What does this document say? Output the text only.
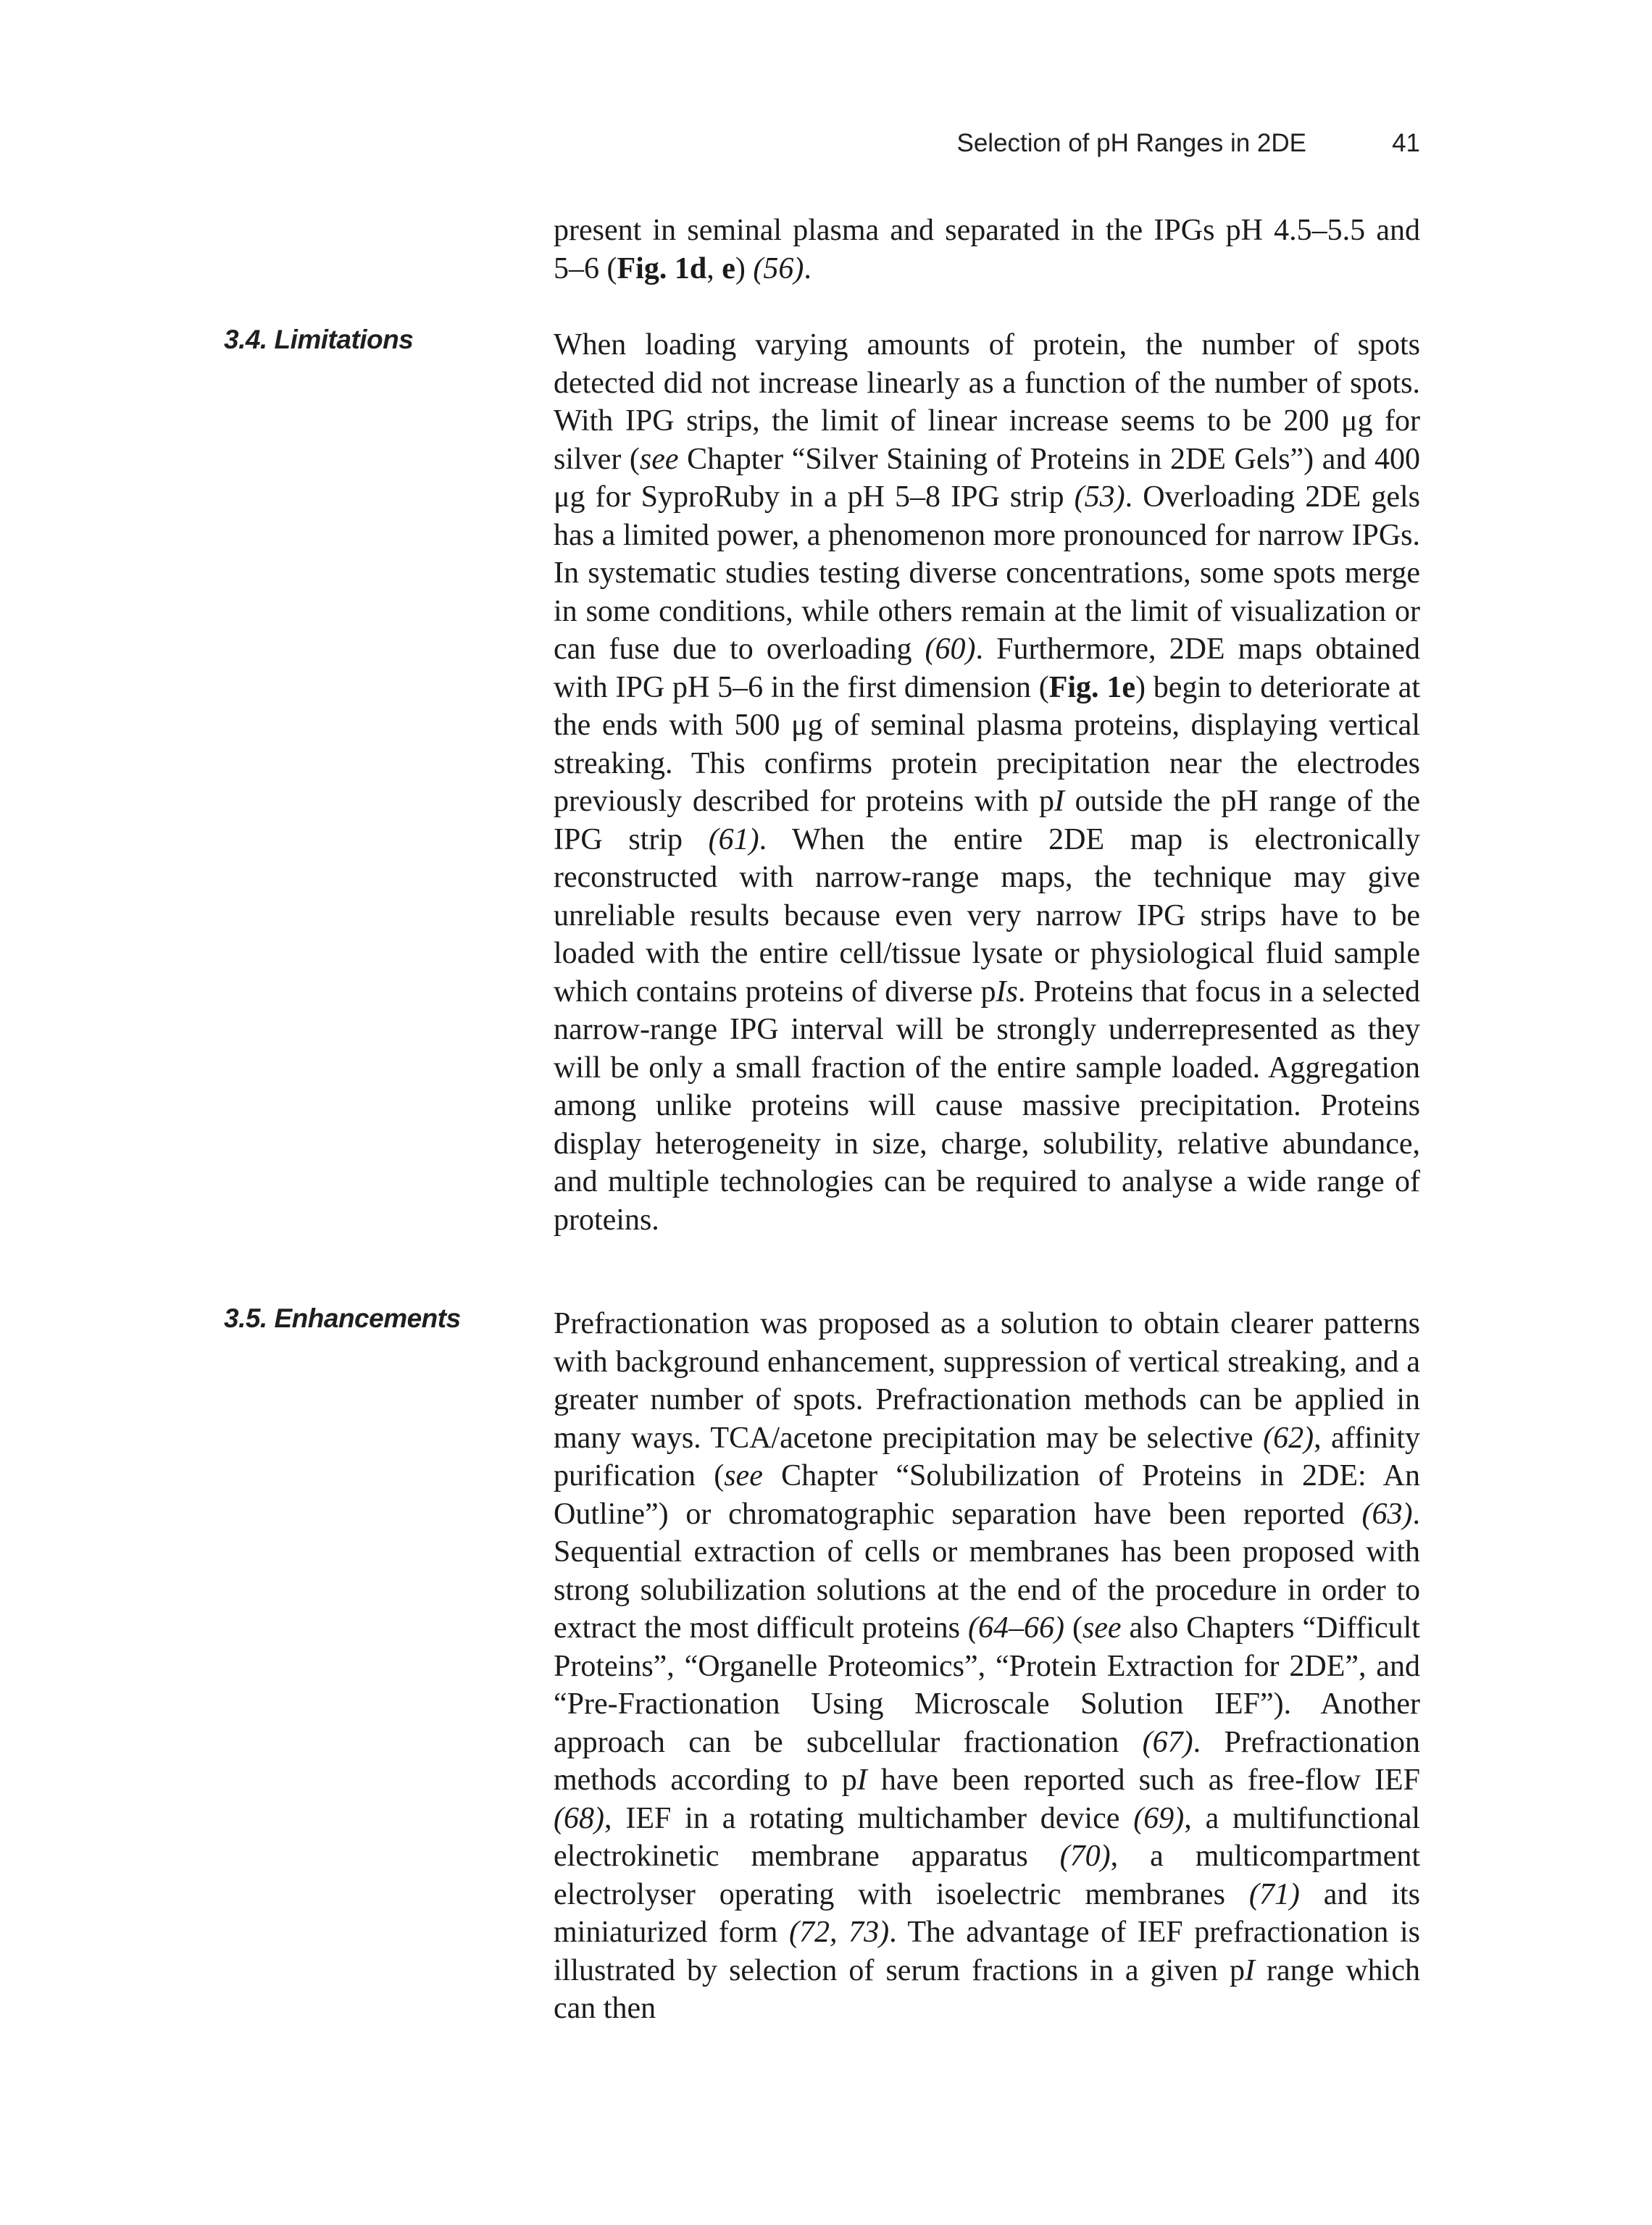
Selection of pH Ranges in 2DE	41

present in seminal plasma and separated in the IPGs pH 4.5–5.5 and 5–6 (Fig. 1d, e) (56).

3.4. Limitations	When loading varying amounts of protein, the number of spots detected did not increase linearly as a function of the number of spots. With IPG strips, the limit of linear increase seems to be 200 μg for silver (see Chapter “Silver Staining of Proteins in 2DE Gels”) and 400 μg for SyproRuby in a pH 5–8 IPG strip (53). Overloading 2DE gels has a limited power, a phenomenon more pronounced for narrow IPGs. In systematic studies testing diverse concentrations, some spots merge in some conditions, while others remain at the limit of visualization or can fuse due to overloading (60). Furthermore, 2DE maps obtained with IPG pH 5–6 in the first dimension (Fig. 1e) begin to deteriorate at the ends with 500 μg of seminal plasma proteins, displaying vertical streaking. This confirms protein precipitation near the electrodes previously described for proteins with pI outside the pH range of the IPG strip (61). When the entire 2DE map is electronically reconstructed with narrow-range maps, the technique may give unreliable results because even very narrow IPG strips have to be loaded with the entire cell/tissue lysate or physiological fluid sample which contains proteins of diverse pIs. Proteins that focus in a selected narrow-range IPG interval will be strongly underrepresented as they will be only a small fraction of the entire sample loaded. Aggregation among unlike proteins will cause massive precipitation. Proteins display heterogeneity in size, charge, solubility, relative abundance, and multiple technologies can be required to analyse a wide range of proteins.

3.5. Enhancements	Prefractionation was proposed as a solution to obtain clearer patterns with background enhancement, suppression of vertical streaking, and a greater number of spots. Prefractionation methods can be applied in many ways. TCA/acetone precipitation may be selective (62), affinity purification (see Chapter “Solubilization of Proteins in 2DE: An Outline”) or chromatographic separation have been reported (63). Sequential extraction of cells or membranes has been proposed with strong solubilization solutions at the end of the procedure in order to extract the most difficult proteins (64–66) (see also Chapters “Difficult Proteins”, “Organelle Proteomics”, “Protein Extraction for 2DE”, and “Pre-Fractionation Using Microscale Solution IEF”). Another approach can be subcellular fractionation (67). Prefractionation methods according to pI have been reported such as free-flow IEF (68), IEF in a rotating multichamber device (69), a multifunctional electrokinetic membrane apparatus (70), a multicompartment electrolyser operating with isoelectric membranes (71) and its miniaturized form (72, 73). The advantage of IEF prefractionation is illustrated by selection of serum fractions in a given pI range which can then
